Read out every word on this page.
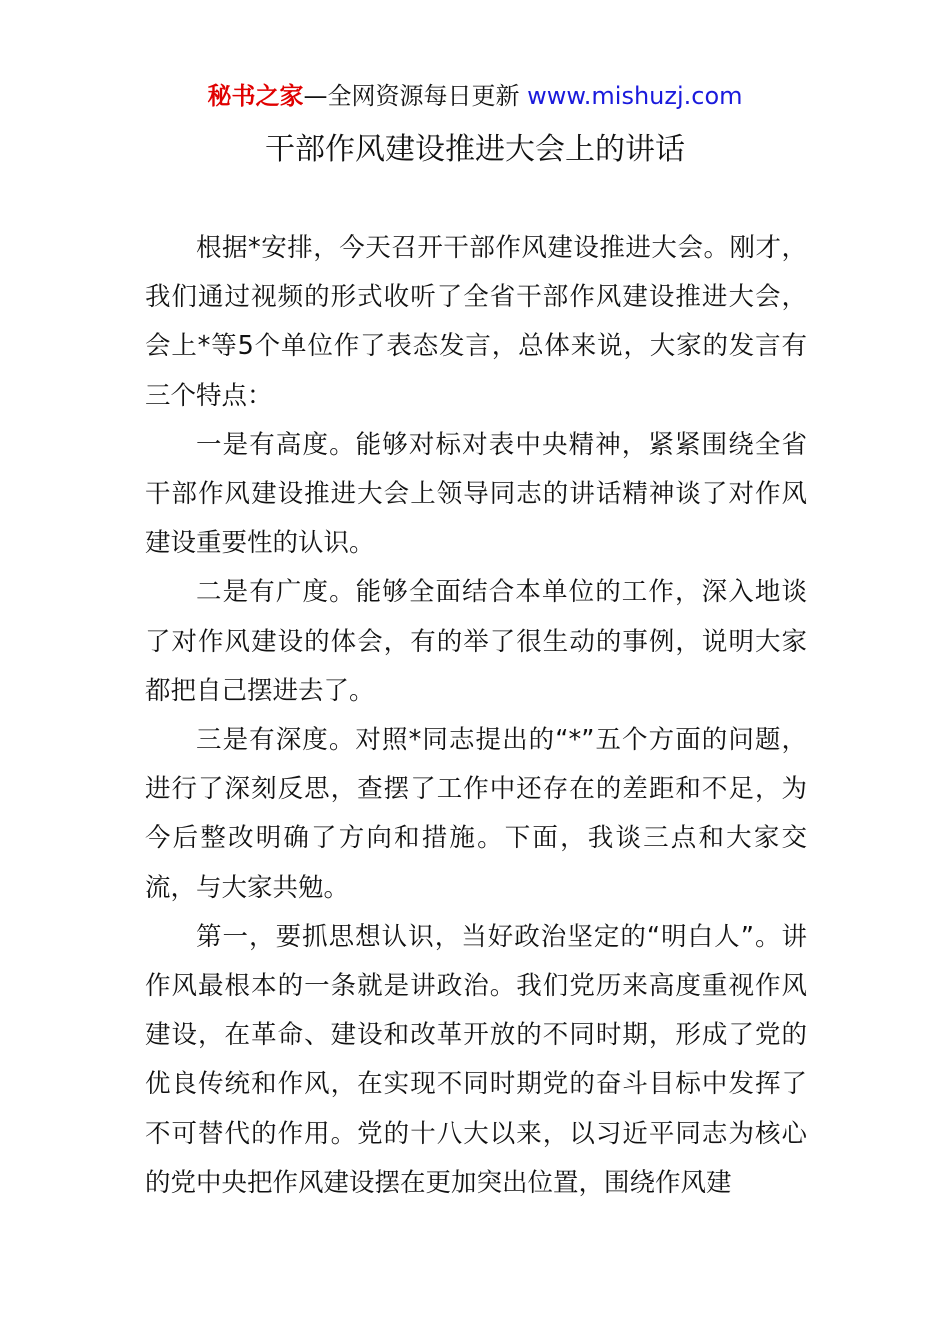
秘书之家—全网资源每日更新 www.mishuzj.com
干部作风建设推进大会上的讲话

根据*安排，今天召开干部作风建设推进大会。刚才，我们通过视频的形式收听了全省干部作风建设推进大会，会上*等5个单位作了表态发言，总体来说，大家的发言有三个特点：

一是有高度。能够对标对表中央精神，紧紧围绕全省干部作风建设推进大会上领导同志的讲话精神谈了对作风建设重要性的认识。

二是有广度。能够全面结合本单位的工作，深入地谈了对作风建设的体会，有的举了很生动的事例，说明大家都把自己摆进去了。

三是有深度。对照*同志提出的“*”五个方面的问题，进行了深刻反思，查摆了工作中还存在的差距和不足，为今后整改明确了方向和措施。下面，我谈三点和大家交流，与大家共勉。

第一，要抓思想认识，当好政治坚定的“明白人”。讲作风最根本的一条就是讲政治。我们党历来高度重视作风建设，在革命、建设和改革开放的不同时期，形成了党的优良传统和作风，在实现不同时期党的奋斗目标中发挥了不可替代的作用。党的十八大以来，以习近平同志为核心的党中央把作风建设摆在更加突出位置，围绕作风建
